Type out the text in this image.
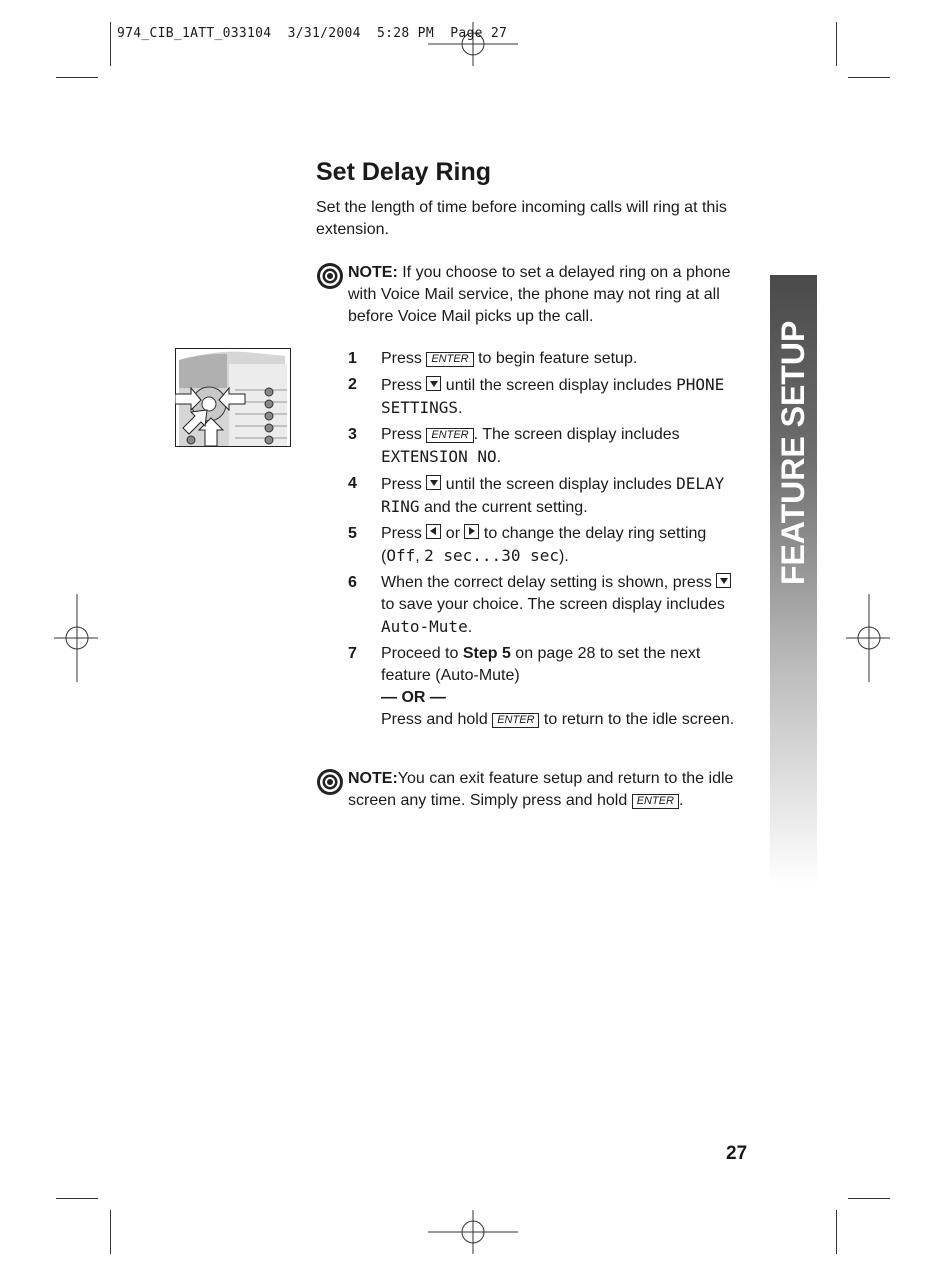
974_CIB_1ATT_033104  3/31/2004  5:28 PM  Page 27
Set Delay Ring

Set the length of time before incoming calls will ring at this extension.

NOTE: If you choose to set a delayed ring on a phone with Voice Mail service, the phone may not ring at all before Voice Mail picks up the call.
1 Press ENTER to begin feature setup.
2 Press  until the screen display includes PHONE SETTINGS.
3 Press ENTER . The screen display includes EXTENSION NO.
4 Press  until the screen display includes DELAY RING and the current setting.
5 Press  or  to change the delay ring setting (Off, 2 sec...30 sec).
6 When the correct delay setting is shown, press  to save your choice. The screen display includes Auto-Mute.
7 Proceed to Step 5 on page 28 to set the next feature (Auto-Mute)
— OR —
Press and hold ENTER to return to the idle screen.
NOTE:You can exit feature setup and return to the idle screen any time. Simply press and hold ENTER .
FEATURE SETUP
27
